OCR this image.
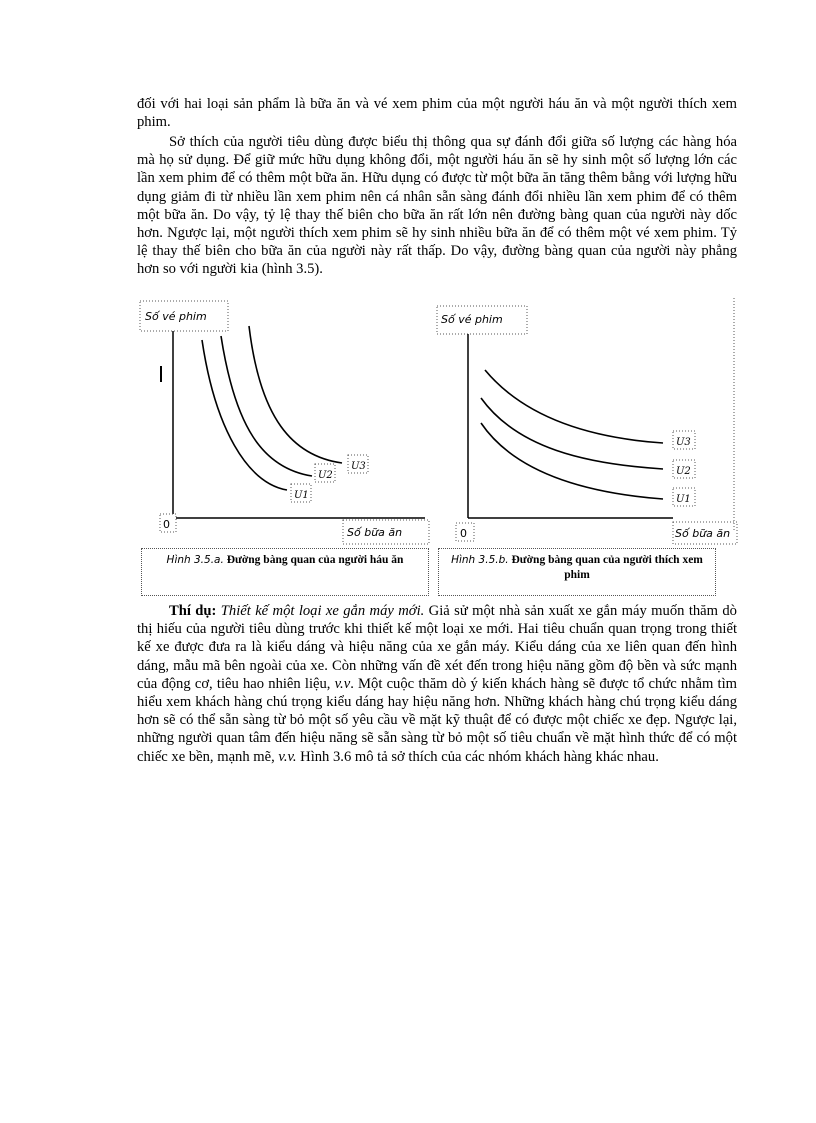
đối với hai loại sản phẩm là bữa ăn và vé xem phim của một người háu ăn và một người thích xem phim.

Sở thích của người tiêu dùng được biểu thị thông qua sự đánh đổi giữa số lượng các hàng hóa mà họ sử dụng. Để giữ mức hữu dụng không đổi, một người háu ăn sẽ hy sinh một số lượng lớn các lần xem phim để có thêm một bữa ăn. Hữu dụng có được từ một bữa ăn tăng thêm bằng với lượng hữu dụng giảm đi từ nhiều lần xem phim nên cá nhân sẵn sàng đánh đổi nhiều lần xem phim để có thêm một bữa ăn. Do vậy, tỷ lệ thay thế biên cho bữa ăn rất lớn nên đường bàng quan của người này dốc hơn. Ngược lại, một người thích xem phim sẽ hy sinh nhiều bữa ăn để có thêm một vé xem phim. Tỷ lệ thay thế biên cho bữa ăn của người này rất thấp. Do vậy, đường bàng quan của người này phẳng hơn so với người kia (hình 3.5).

Số vé phim
U1
U2
U3
0
Số bữa ăn
Số vé phim
U1
U2
U3
0	Số bữa ăn
Hình 3.5.a. Đường bàng quan của người háu ăn	Hình 3.5.b. Đường bàng quan của người thích xem phim

Thí dụ: Thiết kế một loại xe gắn máy mới. Giả sử một nhà sản xuất xe gắn máy muốn thăm dò thị hiếu của người tiêu dùng trước khi thiết kế một loại xe mới. Hai tiêu chuẩn quan trọng trong thiết kế xe được đưa ra là kiểu dáng và hiệu năng của xe gắn máy. Kiểu dáng của xe liên quan đến hình dáng, mẫu mã bên ngoài của xe. Còn những vấn đề xét đến trong hiệu năng gồm độ bền và sức mạnh của động cơ, tiêu hao nhiên liệu, v.v. Một cuộc thăm dò ý kiến khách hàng sẽ được tổ chức nhằm tìm hiểu xem khách hàng chú trọng kiểu dáng hay hiệu năng hơn. Những khách hàng chú trọng kiểu dáng hơn sẽ có thể sẵn sàng từ bỏ một số yêu cầu về mặt kỹ thuật để có được một chiếc xe đẹp. Ngược lại, những người quan tâm đến hiệu năng sẽ sẵn sàng từ bỏ một số tiêu chuẩn về mặt hình thức để có một chiếc xe bền, mạnh mẽ, v.v. Hình 3.6 mô tả sở thích của các nhóm khách hàng khác nhau.
